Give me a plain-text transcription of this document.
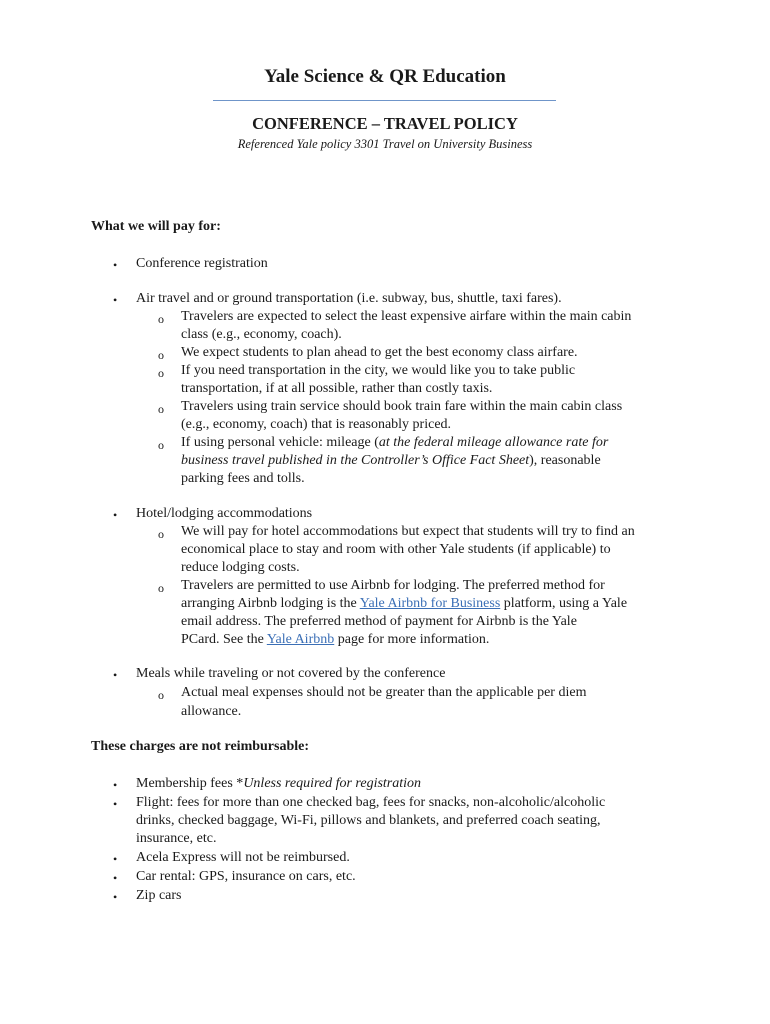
Yale Science & QR Education
CONFERENCE – TRAVEL POLICY
Referenced Yale policy 3301 Travel on University Business
What we will pay for:
• Conference registration
• Air travel and or ground transportation (i.e. subway, bus, shuttle, taxi fares).
o Travelers are expected to select the least expensive airfare within the main cabin
class (e.g., economy, coach).
o We expect students to plan ahead to get the best economy class airfare.
o If you need transportation in the city, we would like you to take public
transportation, if at all possible, rather than costly taxis.
o Travelers using train service should book train fare within the main cabin class
(e.g., economy, coach) that is reasonably priced.
o If using personal vehicle: mileage (at the federal mileage allowance rate for
business travel published in the Controller’s Office Fact Sheet), reasonable
parking fees and tolls.
• Hotel/lodging accommodations
o We will pay for hotel accommodations but expect that students will try to find an
economical place to stay and room with other Yale students (if applicable) to
reduce lodging costs.
o Travelers are permitted to use Airbnb for lodging. The preferred method for
arranging Airbnb lodging is the Yale Airbnb for Business platform, using a Yale
email address. The preferred method of payment for Airbnb is the Yale
PCard. See the Yale Airbnb page for more information.
• Meals while traveling or not covered by the conference
o Actual meal expenses should not be greater than the applicable per diem
allowance.
These charges are not reimbursable:
• Membership fees *Unless required for registration
• Flight: fees for more than one checked bag, fees for snacks, non-alcoholic/alcoholic
drinks, checked baggage, Wi-Fi, pillows and blankets, and preferred coach seating,
insurance, etc.
• Acela Express will not be reimbursed.
• Car rental: GPS, insurance on cars, etc.
• Zip cars
